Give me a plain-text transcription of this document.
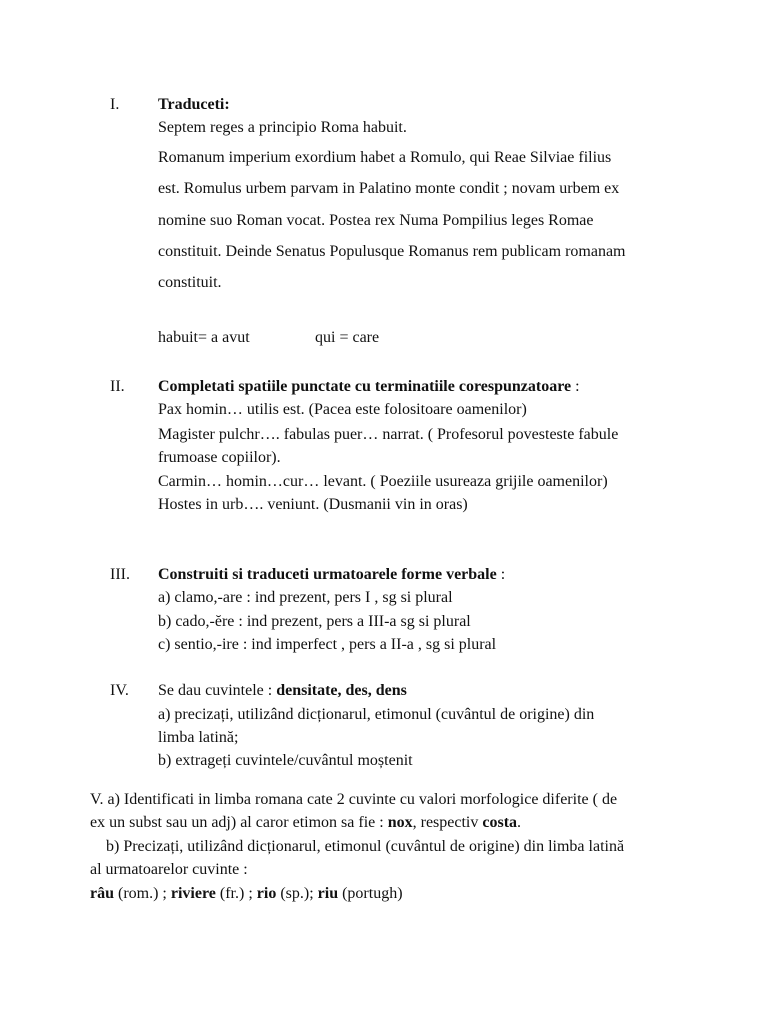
I. Traduceti:
Septem reges a principio Roma habuit.
Romanum imperium exordium habet a Romulo, qui Reae Silviae filius
est. Romulus urbem parvam in Palatino monte condit ; novam urbem ex
nomine suo Roman vocat. Postea rex Numa Pompilius leges Romae
constituit. Deinde Senatus Populusque Romanus rem publicam romanam
constituit.
habuit= a avut	qui = care
II. Completati spatiile punctate cu terminatiile corespunzatoare :
Pax homin… utilis est. (Pacea este folositoare oamenilor)
Magister pulchr…. fabulas puer… narrat. ( Profesorul povesteste fabule
frumoase copiilor).
Carmin… homin…cur… levant. ( Poeziile usureaza grijile oamenilor)
Hostes in urb…. veniunt. (Dusmanii vin in oras)
III. Construiti si traduceti urmatoarele forme verbale :
a) clamo,-are : ind prezent, pers I , sg si plural
b) cado,-ĕre : ind prezent, pers a III-a sg si plural
c) sentio,-ire : ind imperfect , pers a II-a , sg si plural
IV. Se dau cuvintele : densitate, des, dens
a) precizați, utilizând dicționarul, etimonul (cuvântul de origine) din
limba latină;
b) extrageți cuvintele/cuvântul moștenit
V. a) Identificati in limba romana cate 2 cuvinte cu valori morfologice diferite ( de
ex un subst sau un adj) al caror etimon sa fie : nox, respectiv costa.
b) Precizați, utilizând dicționarul, etimonul (cuvântul de origine) din limba latină
al urmatoarelor cuvinte :
râu (rom.) ; riviere (fr.) ; rio (sp.); riu (portugh)
